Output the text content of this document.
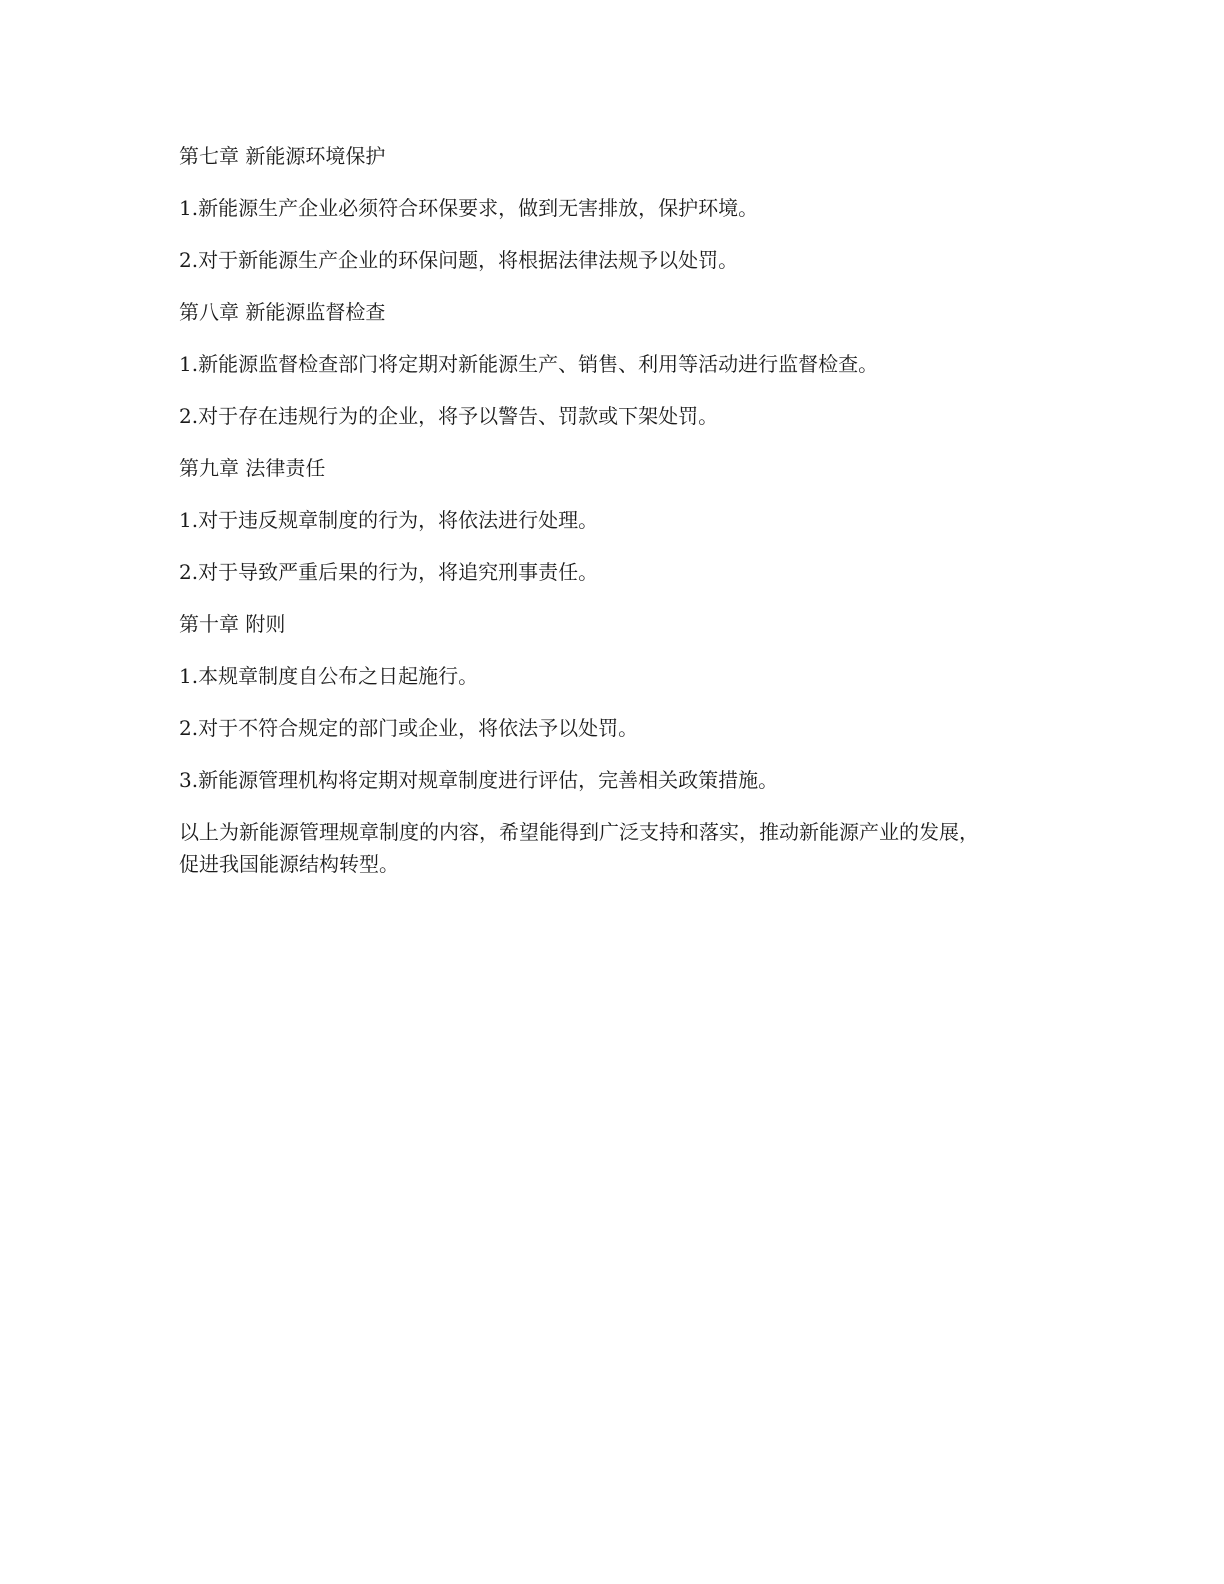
第七章 新能源环境保护
1.新能源生产企业必须符合环保要求，做到无害排放，保护环境。
2.对于新能源生产企业的环保问题，将根据法律法规予以处罚。
第八章 新能源监督检查
1.新能源监督检查部门将定期对新能源生产、销售、利用等活动进行监督检查。
2.对于存在违规行为的企业，将予以警告、罚款或下架处罚。
第九章 法律责任
1.对于违反规章制度的行为，将依法进行处理。
2.对于导致严重后果的行为，将追究刑事责任。
第十章 附则
1.本规章制度自公布之日起施行。
2.对于不符合规定的部门或企业，将依法予以处罚。
3.新能源管理机构将定期对规章制度进行评估，完善相关政策措施。
以上为新能源管理规章制度的内容，希望能得到广泛支持和落实，推动新能源产业的发展，
促进我国能源结构转型。
